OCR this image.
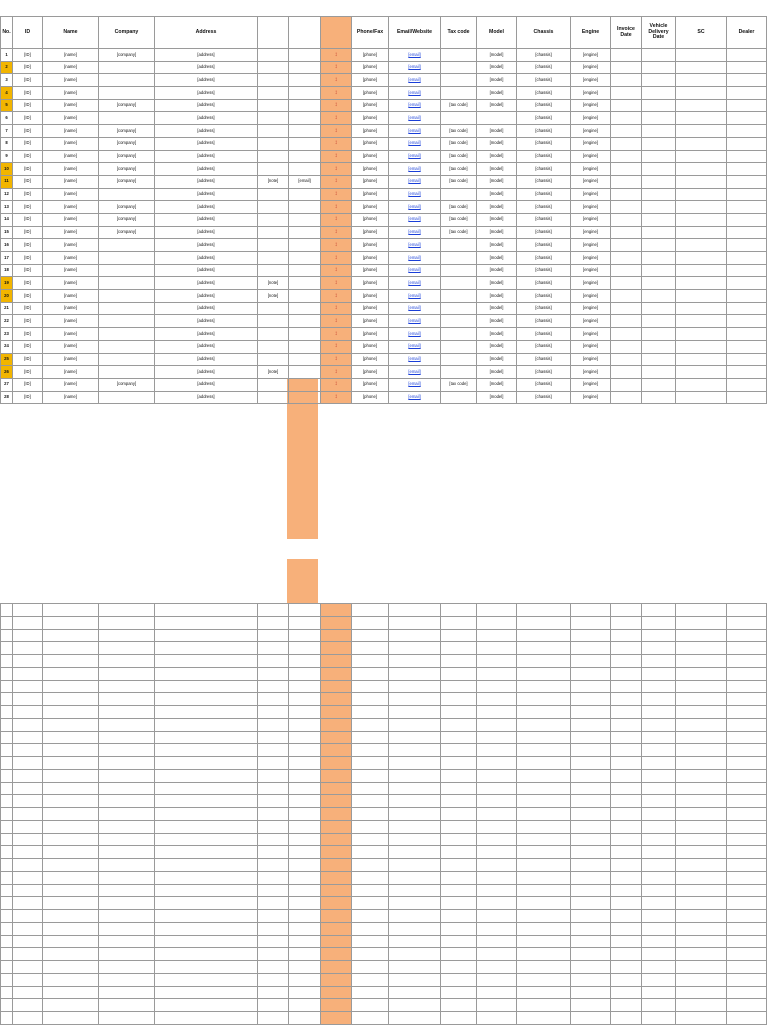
No.	ID	Name	Company	Address				Phone/Fax	Email/Website	Tax code	Model	Chassis	Engine	Invoice Date	Vehicle Delivery Date	SC	Dealer
1	[ID]	[name]	[company]	[address]			↕	[phone]	[email]		[model]	[chassis]	[engine]				
2	[ID]	[name]		[address]			↕	[phone]	[email]		[model]	[chassis]	[engine]				
3	[ID]	[name]		[address]			↕	[phone]	[email]		[model]	[chassis]	[engine]				
4	[ID]	[name]		[address]			↕	[phone]	[email]		[model]	[chassis]	[engine]				
5	[ID]	[name]	[company]	[address]			↕	[phone]	[email]	[tax code]	[model]	[chassis]	[engine]				
6	[ID]	[name]		[address]			↕	[phone]	[email]			[chassis]	[engine]				
7	[ID]	[name]	[company]	[address]			↕	[phone]	[email]	[tax code]	[model]	[chassis]	[engine]				
8	[ID]	[name]	[company]	[address]			↕	[phone]	[email]	[tax code]	[model]	[chassis]	[engine]				
9	[ID]	[name]	[company]	[address]			↕	[phone]	[email]	[tax code]	[model]	[chassis]	[engine]				
10	[ID]	[name]	[company]	[address]			↕	[phone]	[email]	[tax code]	[model]	[chassis]	[engine]				
11	[ID]	[name]	[company]	[address]	[note]	[email]	↕	[phone]	[email]	[tax code]	[model]	[chassis]	[engine]				
12	[ID]	[name]		[address]			↕	[phone]	[email]		[model]	[chassis]	[engine]				
13	[ID]	[name]	[company]	[address]			↕	[phone]	[email]	[tax code]	[model]	[chassis]	[engine]				
14	[ID]	[name]	[company]	[address]			↕	[phone]	[email]	[tax code]	[model]	[chassis]	[engine]				
15	[ID]	[name]	[company]	[address]			↕	[phone]	[email]	[tax code]	[model]	[chassis]	[engine]				
16	[ID]	[name]		[address]			↕	[phone]	[email]		[model]	[chassis]	[engine]				
17	[ID]	[name]		[address]			↕	[phone]	[email]		[model]	[chassis]	[engine]				
18	[ID]	[name]		[address]			↕	[phone]	[email]		[model]	[chassis]	[engine]				
19	[ID]	[name]		[address]	[note]		↕	[phone]	[email]		[model]	[chassis]	[engine]				
20	[ID]	[name]		[address]	[note]		↕	[phone]	[email]		[model]	[chassis]	[engine]				
21	[ID]	[name]		[address]			↕	[phone]	[email]		[model]	[chassis]	[engine]				
22	[ID]	[name]		[address]			↕	[phone]	[email]		[model]	[chassis]	[engine]				
23	[ID]	[name]		[address]			↕	[phone]	[email]		[model]	[chassis]	[engine]				
24	[ID]	[name]		[address]			↕	[phone]	[email]		[model]	[chassis]	[engine]				
25	[ID]	[name]		[address]			↕	[phone]	[email]		[model]	[chassis]	[engine]				
26	[ID]	[name]		[address]	[note]		↕	[phone]	[email]		[model]	[chassis]	[engine]				
27	[ID]	[name]	[company]	[address]			↕	[phone]	[email]	[tax code]	[model]	[chassis]	[engine]				
28	[ID]	[name]		[address]			↕	[phone]	[email]		[model]	[chassis]	[engine]				
